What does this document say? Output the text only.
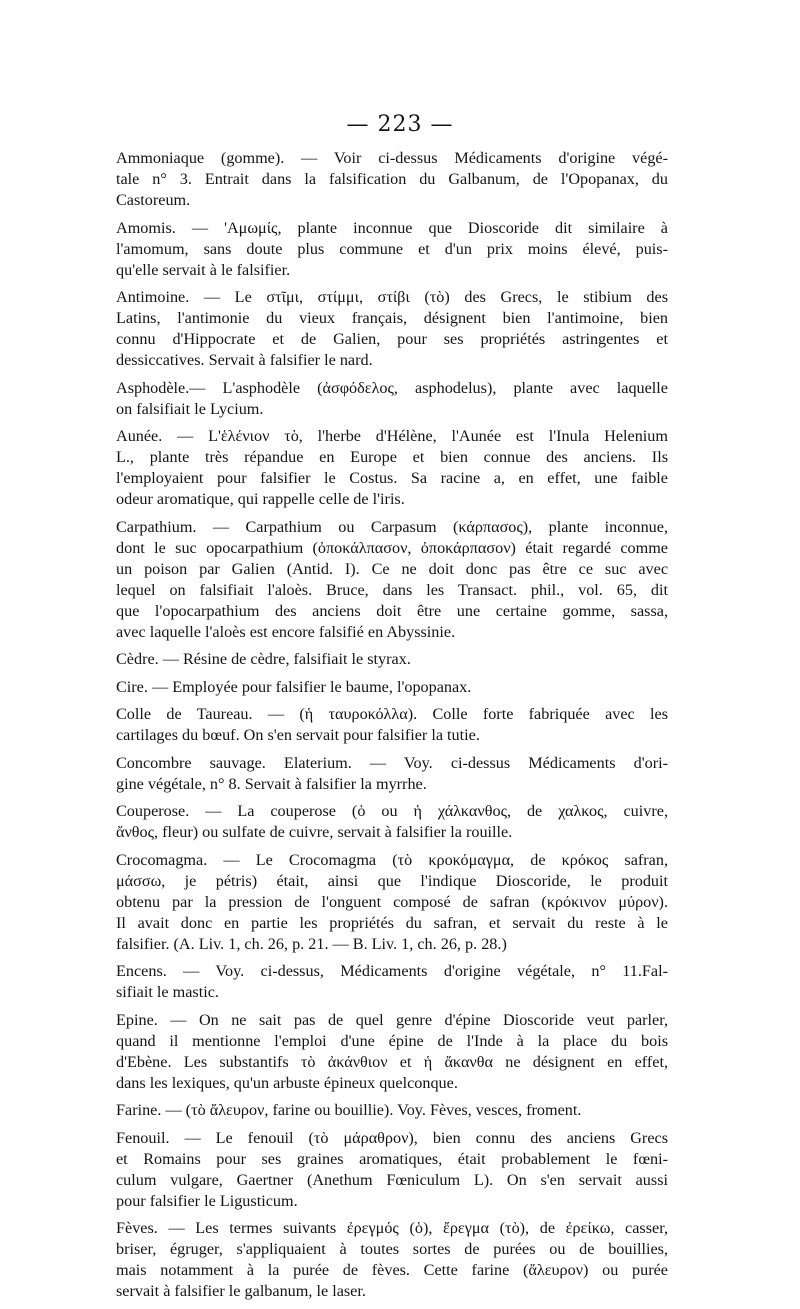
— 223 —
Ammoniaque (gomme). — Voir ci-dessus Médicaments d'origine végé-
tale n° 3. Entrait dans la falsification du Galbanum, de l'Opopanax, du
Castoreum.
Amomis. — 'Αμωμίς, plante inconnue que Dioscoride dit similaire à
l'amomum, sans doute plus commune et d'un prix moins élevé, puis-
qu'elle servait à le falsifier.
Antimoine. — Le στῖμι, στίμμι, στίβι (τὸ) des Grecs, le stibium des
Latins, l'antimonie du vieux français, désignent bien l'antimoine, bien
connu d'Hippocrate et de Galien, pour ses propriétés astringentes et
dessiccatives. Servait à falsifier le nard.
Asphodèle.— L'asphodèle (ἀσφόδελος, asphodelus), plante avec laquelle
on falsifiait le Lycium.
Aunée. — L'ἑλένιον τὸ, l'herbe d'Hélène, l'Aunée est l'Inula Helenium
L., plante très répandue en Europe et bien connue des anciens. Ils
l'employaient pour falsifier le Costus. Sa racine a, en effet, une faible
odeur aromatique, qui rappelle celle de l'iris.
Carpathium. — Carpathium ou Carpasum (κάρπασος), plante inconnue,
dont le suc opocarpathium (ὀποκάλπασον, ὀποκάρπασον) était regardé comme
un poison par Galien (Antid. I). Ce ne doit donc pas être ce suc avec
lequel on falsifiait l'aloès. Bruce, dans les Transact. phil., vol. 65, dit
que l'opocarpathium des anciens doit être une certaine gomme, sassa,
avec laquelle l'aloès est encore falsifié en Abyssinie.
Cèdre. — Résine de cèdre, falsifiait le styrax.
Cire. — Employée pour falsifier le baume, l'opopanax.
Colle de Taureau. — (ἡ ταυροκόλλα). Colle forte fabriquée avec les
cartilages du bœuf. On s'en servait pour falsifier la tutie.
Concombre sauvage. Elaterium. — Voy. ci-dessus Médicaments d'ori-
gine végétale, n° 8. Servait à falsifier la myrrhe.
Couperose. — La couperose (ὁ ou ἡ χάλκανθος, de χαλκος, cuivre,
ἄνθος, fleur) ou sulfate de cuivre, servait à falsifier la rouille.
Crocomagma. — Le Crocomagma (τὸ κροκόμαγμα, de κρόκος safran,
μάσσω, je pétris) était, ainsi que l'indique Dioscoride, le produit
obtenu par la pression de l'onguent composé de safran (κρόκινον μύρον).
Il avait donc en partie les propriétés du safran, et servait du reste à le
falsifier. (A. Liv. 1, ch. 26, p. 21. — B. Liv. 1, ch. 26, p. 28.)
Encens. — Voy. ci-dessus, Médicaments d'origine végétale, n° 11.Fal-
sifiait le mastic.
Epine. — On ne sait pas de quel genre d'épine Dioscoride veut parler,
quand il mentionne l'emploi d'une épine de l'Inde à la place du bois
d'Ebène. Les substantifs τὸ ἀκάνθιον et ἡ ἄκανθα ne désignent en effet,
dans les lexiques, qu'un arbuste épineux quelconque.
Farine. — (τὸ ἄλευρον, farine ou bouillie). Voy. Fèves, vesces, froment.
Fenouil. — Le fenouil (τὸ μάραθρον), bien connu des anciens Grecs
et Romains pour ses graines aromatiques, était probablement le fœni-
culum vulgare, Gaertner (Anethum Fœniculum L). On s'en servait aussi
pour falsifier le Ligusticum.
Fèves. — Les termes suivants ἐρεγμός (ὁ), ἔρεγμα (τὸ), de ἐρείκω, casser,
briser, égruger, s'appliquaient à toutes sortes de purées ou de bouillies,
mais notamment à la purée de fèves. Cette farine (ἄλευρον) ou purée
servait à falsifier le galbanum, le laser.
